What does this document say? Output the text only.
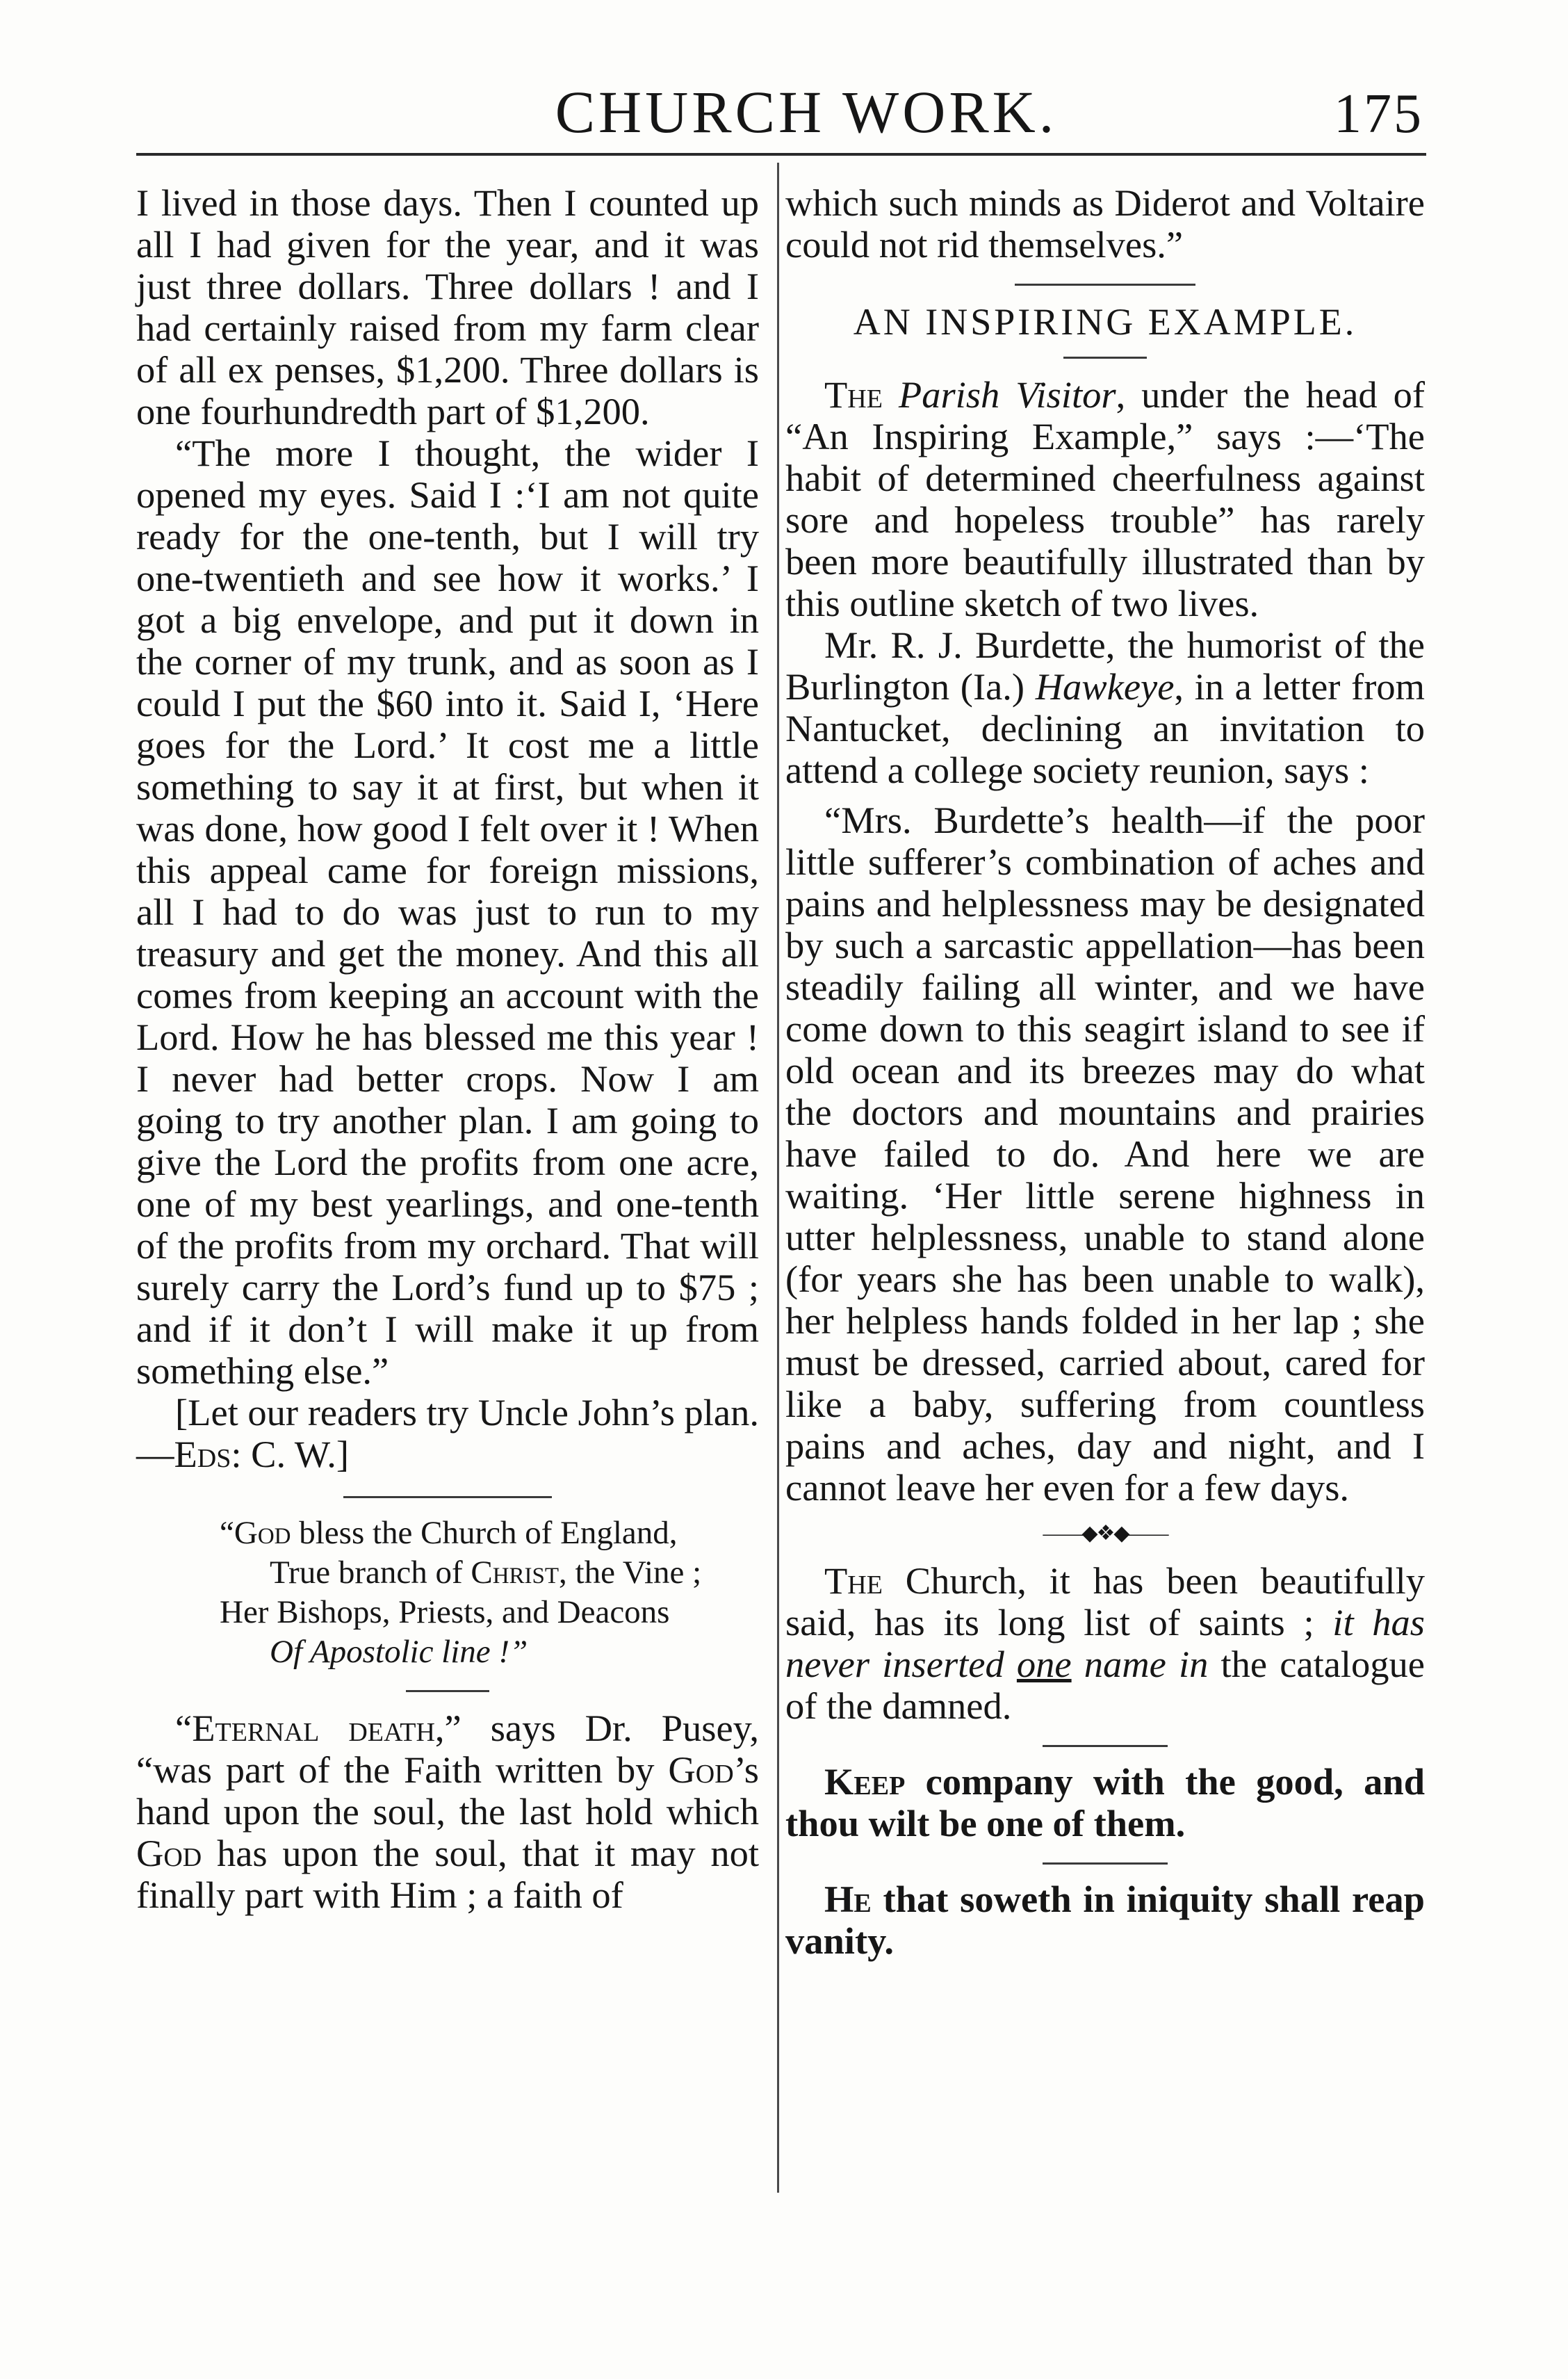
CHURCH WORK.	175

I lived in those days. Then I counted up all I had given for the year, and it was just three dollars. Three dollars ! and I had certainly raised from my farm clear of all ex penses, $1,200. Three dollars is one fourhundredth part of $1,200.

“The more I thought, the wider I opened my eyes. Said I :‘I am not quite ready for the one-tenth, but I will try one-twentieth and see how it works.’ I got a big envelope, and put it down in the corner of my trunk, and as soon as I could I put the $60 into it. Said I, ‘Here goes for the Lord.’ It cost me a little something to say it at first, but when it was done, how good I felt over it ! When this appeal came for foreign missions, all I had to do was just to run to my treasury and get the money. And this all comes from keeping an account with the Lord. How he has blessed me this year ! I never had better crops. Now I am going to try another plan. I am going to give the Lord the profits from one acre, one of my best yearlings, and one-tenth of the profits from my orchard. That will surely carry the Lord’s fund up to $75 ; and if it don’t I will make it up from something else.”

[Let our readers try Uncle John’s plan.—Eds: C. W.]

“God bless the Church of England,
True branch of Christ, the Vine ;
Her Bishops, Priests, and Deacons
Of Apostolic line !”

“Eternal death,” says Dr. Pusey, “was part of the Faith written by God’s hand upon the soul, the last hold which God has upon the soul, that it may not finally part with Him ; a faith of

which such minds as Diderot and Voltaire could not rid themselves.”

AN INSPIRING EXAMPLE.

The Parish Visitor, under the head of “An Inspiring Example,” says :—‘The habit of determined cheerfulness against sore and hopeless trouble” has rarely been more beautifully illustrated than by this outline sketch of two lives.

Mr. R. J. Burdette, the humorist of the Burlington (Ia.) Hawkeye, in a letter from Nantucket, declining an invitation to attend a college society reunion, says :

“Mrs. Burdette’s health—if the poor little sufferer’s combination of aches and pains and helplessness may be designated by such a sarcastic appellation—has been steadily failing all winter, and we have come down to this seagirt island to see if old ocean and its breezes may do what the doctors and mountains and prairies have failed to do. And here we are waiting. ‘Her little serene highness in utter helplessness, unable to stand alone (for years she has been unable to walk), her helpless hands folded in her lap ; she must be dressed, carried about, cared for like a baby, suffering from countless pains and aches, day and night, and I cannot leave her even for a few days.

——◆❖◆——

The Church, it has been beautifully said, has its long list of saints ; it has never inserted one name in the catalogue of the damned.

Keep company with the good, and thou wilt be one of them.

He that soweth in iniquity shall reap vanity.
